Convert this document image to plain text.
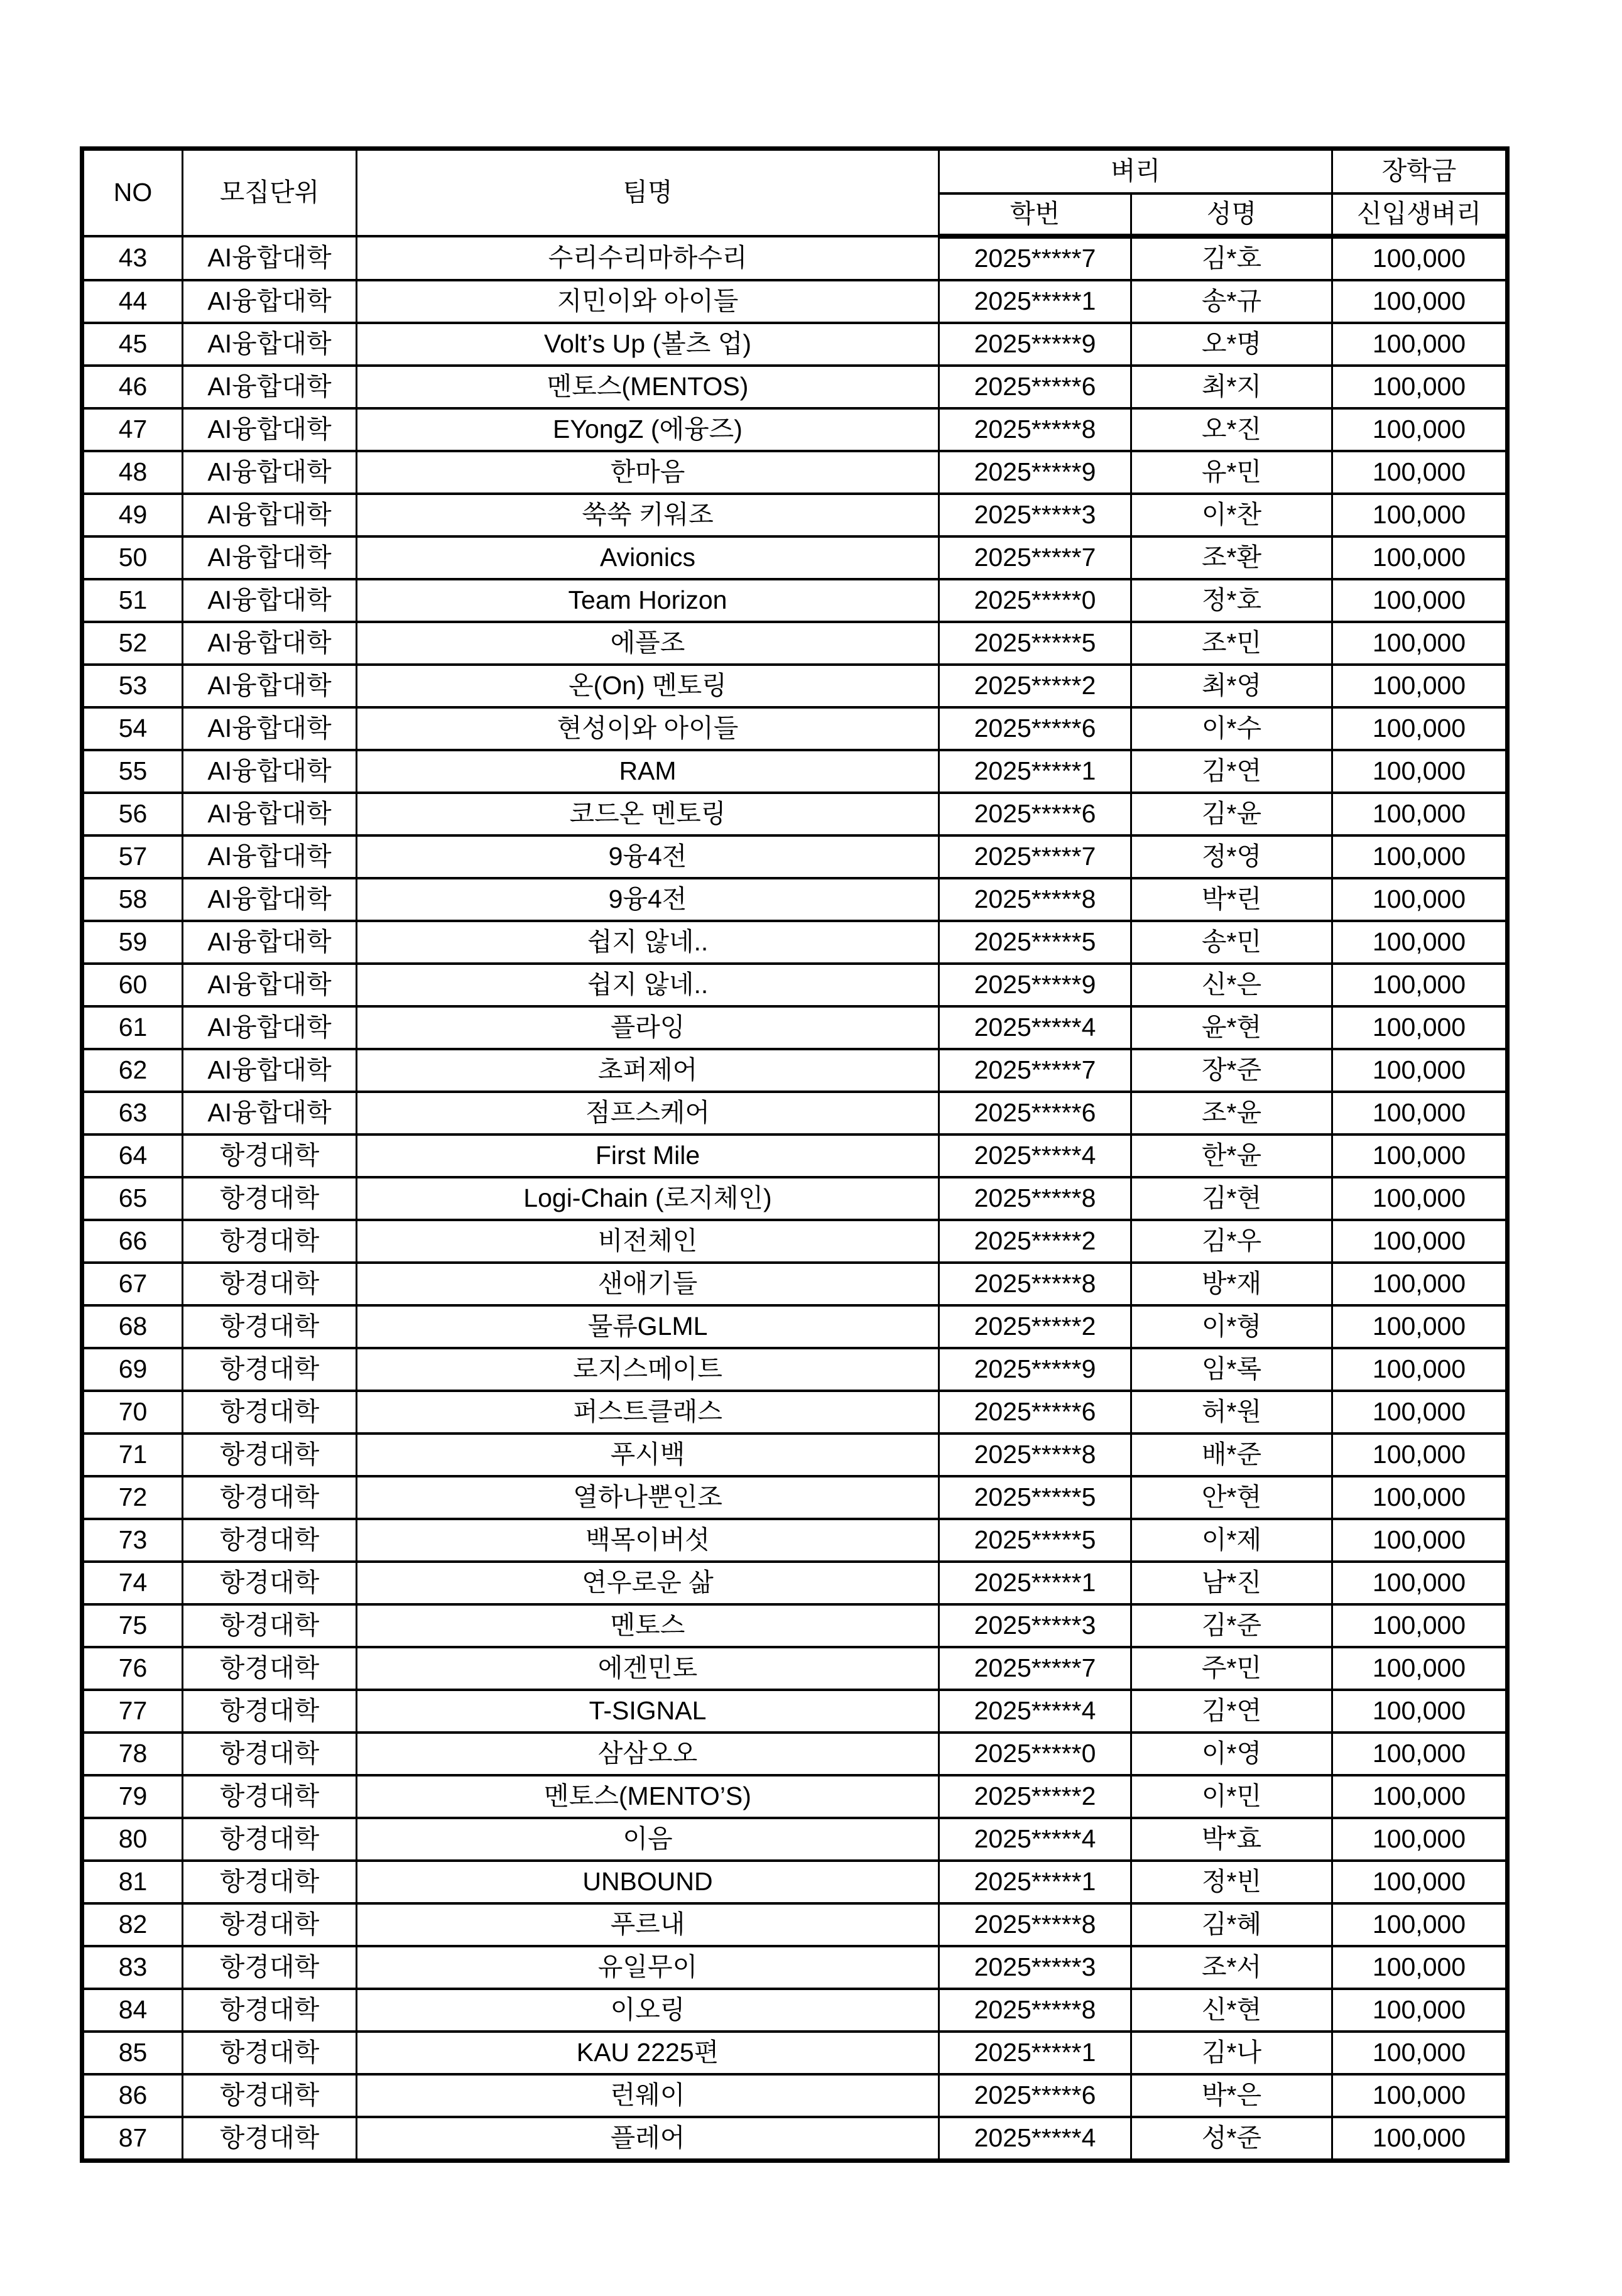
NO	모집단위	팀명	벼리		장학금
			학번	성명	신입생벼리
43	AI융합대학	수리수리마하수리	2025*****7	김*호	100,000
44	AI융합대학	지민이와 아이들	2025*****1	송*규	100,000
45	AI융합대학	Volt’s Up (볼츠 업)	2025*****9	오*명	100,000
46	AI융합대학	멘토스(MENTOS)	2025*****6	최*지	100,000
47	AI융합대학	EYongZ (에융즈)	2025*****8	오*진	100,000
48	AI융합대학	한마음	2025*****9	유*민	100,000
49	AI융합대학	쑥쑥 키워조	2025*****3	이*찬	100,000
50	AI융합대학	Avionics	2025*****7	조*환	100,000
51	AI융합대학	Team Horizon	2025*****0	정*호	100,000
52	AI융합대학	에플조	2025*****5	조*민	100,000
53	AI융합대학	온(On) 멘토링	2025*****2	최*영	100,000
54	AI융합대학	현성이와 아이들	2025*****6	이*수	100,000
55	AI융합대학	RAM	2025*****1	김*연	100,000
56	AI융합대학	코드온 멘토링	2025*****6	김*윤	100,000
57	AI융합대학	9융4전	2025*****7	정*영	100,000
58	AI융합대학	9융4전	2025*****8	박*린	100,000
59	AI융합대학	쉽지 않네..	2025*****5	송*민	100,000
60	AI융합대학	쉽지 않네..	2025*****9	신*은	100,000
61	AI융합대학	플라잉	2025*****4	윤*현	100,000
62	AI융합대학	초퍼제어	2025*****7	장*준	100,000
63	AI융합대학	점프스케어	2025*****6	조*윤	100,000
64	항경대학	First Mile	2025*****4	한*윤	100,000
65	항경대학	Logi-Chain (로지체인)	2025*****8	김*현	100,000
66	항경대학	비전체인	2025*****2	김*우	100,000
67	항경대학	샌애기들	2025*****8	방*재	100,000
68	항경대학	물류GLML	2025*****2	이*형	100,000
69	항경대학	로지스메이트	2025*****9	임*록	100,000
70	항경대학	퍼스트클래스	2025*****6	허*원	100,000
71	항경대학	푸시백	2025*****8	배*준	100,000
72	항경대학	열하나뿐인조	2025*****5	안*현	100,000
73	항경대학	백목이버섯	2025*****5	이*제	100,000
74	항경대학	연우로운 삶	2025*****1	남*진	100,000
75	항경대학	멘토스	2025*****3	김*준	100,000
76	항경대학	에겐민토	2025*****7	주*민	100,000
77	항경대학	T-SIGNAL	2025*****4	김*연	100,000
78	항경대학	삼삼오오	2025*****0	이*영	100,000
79	항경대학	멘토스(MENTO’S)	2025*****2	이*민	100,000
80	항경대학	이음	2025*****4	박*효	100,000
81	항경대학	UNBOUND	2025*****1	정*빈	100,000
82	항경대학	푸르내	2025*****8	김*혜	100,000
83	항경대학	유일무이	2025*****3	조*서	100,000
84	항경대학	이오링	2025*****8	신*현	100,000
85	항경대학	KAU 2225편	2025*****1	김*나	100,000
86	항경대학	런웨이	2025*****6	박*은	100,000
87	항경대학	플레어	2025*****4	성*준	100,000
